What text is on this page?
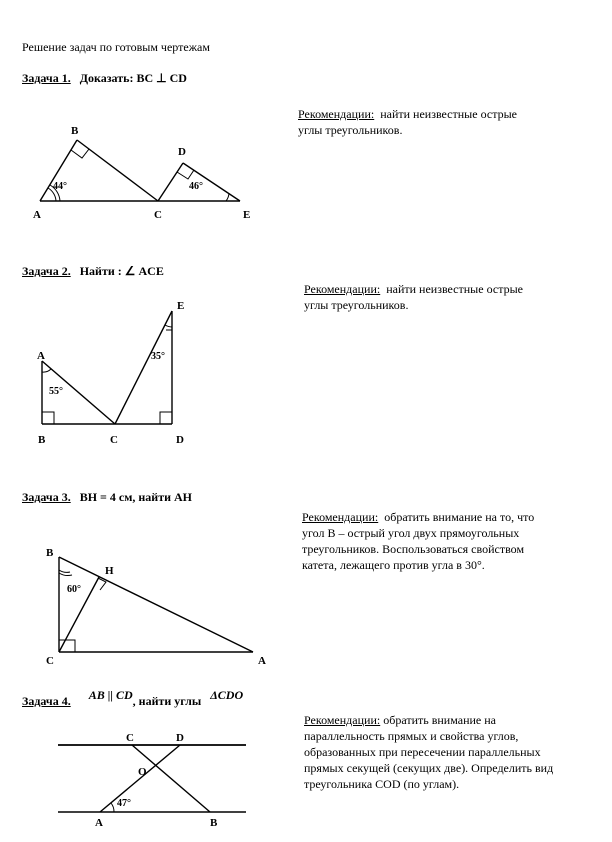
Решение задач по готовым чертежам
Задача 1. Доказать: BC ⊥ CD
Рекомендации: найти неизвестные острые
углы треугольников.
A
B
C
D
E
44°	46°
Задача 2. Найти : ∠ ACE
Рекомендации: найти неизвестные острые
углы треугольников.
A
B	C	D
E
55°
35°
Задача 3. BH = 4 см, найти AH
Рекомендации: обратить внимание на то, что
угол В – острый угол двух прямоугольных
треугольников. Воспользоваться свойством
катета, лежащего против угла в 30°.
B
H
C	A
60°
Задача 4. AB || CD, найти углы ΔCDO
Рекомендации: обратить внимание на
параллельность прямых и свойства углов,
образованных при пересечении параллельных
прямых секущей (секущих две). Определить вид
треугольника COD (по углам).
C	D
O
A	B
47°
